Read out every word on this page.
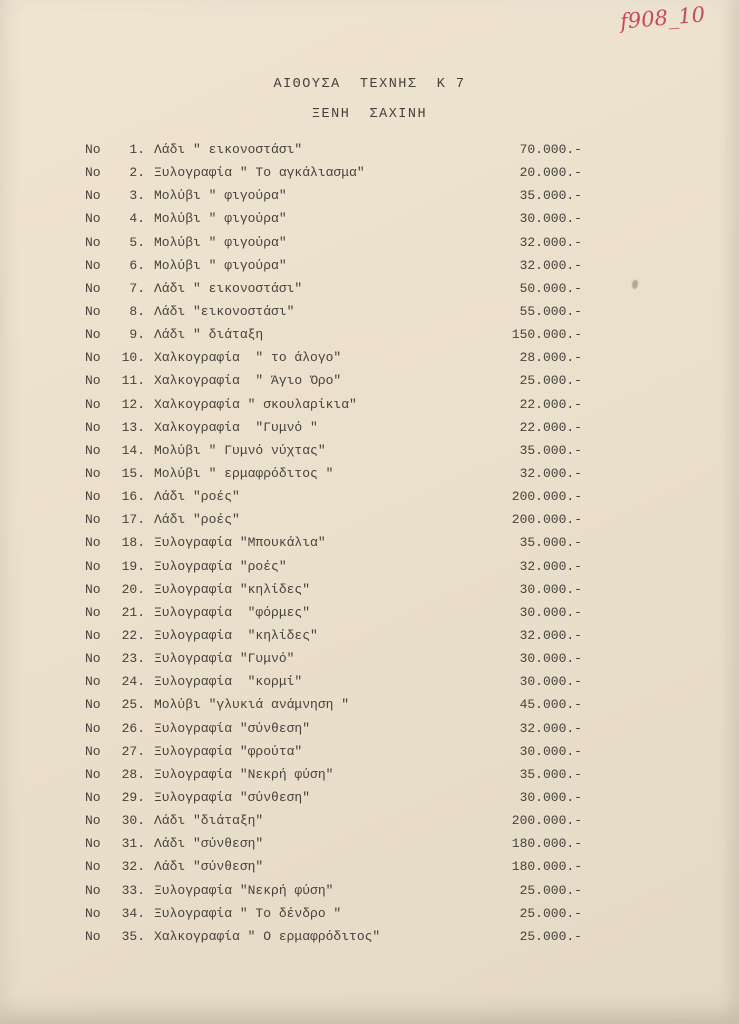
f908_10
ΑΙΘΟΥΣΑ  ΤΕΧΝΗΣ  Κ 7
ΞΕΝΗ  ΣΑΧΙΝΗ
Νο	1. Λάδι " εικονοστάσι"	70.000.-
Νο	2. Ξυλογραφία " Το αγκάλιασμα"	20.000.-
Νο	3. Μολύβι " φιγούρα"	35.000.-
Νο	4. Μολύβι " φιγούρα"	30.000.-
Νο	5. Μολύβι " φιγούρα"	32.000.-
Νο	6. Μολύβι " φιγούρα"	32.000.-
Νο	7. Λάδι " εικονοστάσι"	50.000.-
Νο	8. Λάδι "εικονοστάσι"	55.000.-
Νο	9. Λάδι " διάταξη	150.000.-
Νο	10. Χαλκογραφία  " το άλογο"	28.000.-
Νο	11. Χαλκογραφία  " Άγιο Όρο"	25.000.-
Νο	12. Χαλκογραφία " σκουλαρίκια"	22.000.-
Νο	13. Χαλκογραφία  "Γυμνό "	22.000.-
Νο	14. Μολύβι " Γυμνό νύχτας"	35.000.-
Νο	15. Μολύβι " ερμαφρόδιτος "	32.000.-
Νο	16. Λάδι "ροές"	200.000.-
Νο	17. Λάδι "ροές"	200.000.-
Νο	18. Ξυλογραφία "Μπουκάλια"	35.000.-
Νο	19. Ξυλογραφία "ροές"	32.000.-
Νο	20. Ξυλογραφία "κηλίδες"	30.000.-
Νο	21. Ξυλογραφία  "φόρμες"	30.000.-
Νο	22. Ξυλογραφία  "κηλίδες"	32.000.-
Νο	23. Ξυλογραφία "Γυμνό"	30.000.-
Νο	24. Ξυλογραφία  "κορμί"	30.000.-
Νο	25. Μολύβι "γλυκιά ανάμνηση "	45.000.-
Νο	26. Ξυλογραφία "σύνθεση"	32.000.-
Νο	27. Ξυλογραφία "φρούτα"	30.000.-
Νο	28. Ξυλογραφία "Νεκρή φύση"	35.000.-
Νο	29. Ξυλογραφία "σύνθεση"	30.000.-
Νο	30. Λάδι "διάταξη"	200.000.-
Νο	31. Λάδι "σύνθεση"	180.000.-
Νο	32. Λάδι "σύνθεση"	180.000.-
Νο	33. Ξυλογραφία "Νεκρή φύση"	25.000.-
Νο	34. Ξυλογραφία " Το δένδρο "	25.000.-
Νο	35. Χαλκογραφία " Ο ερμαφρόδιτος"	25.000.-
